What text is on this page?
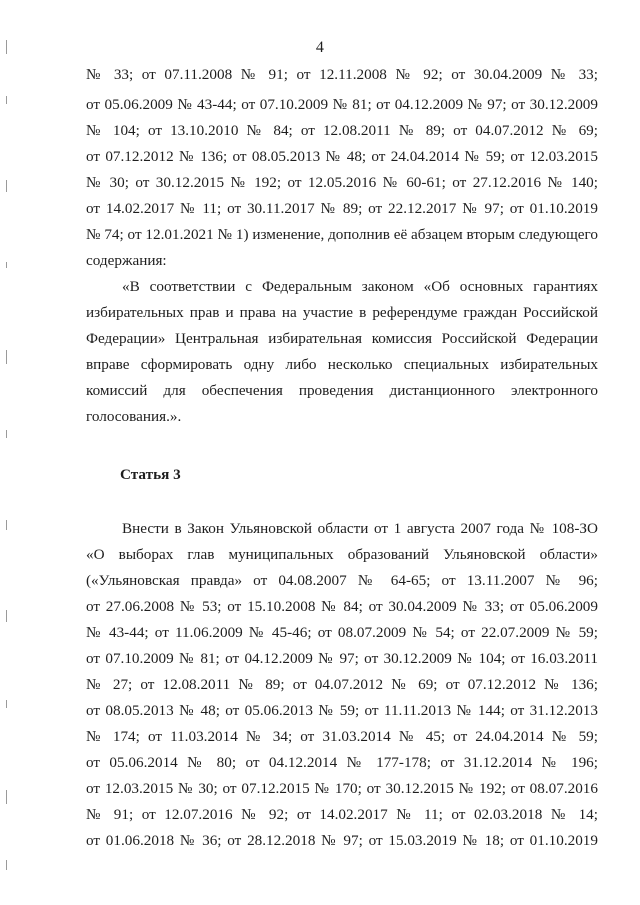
4
№ 33; от 07.11.2008 № 91; от 12.11.2008 № 92; от 30.04.2009 № 33;
от 05.06.2009 № 43-44; от 07.10.2009 № 81; от 04.12.2009 № 97; от 30.12.2009
№ 104; от 13.10.2010 № 84; от 12.08.2011 № 89; от 04.07.2012 № 69;
от 07.12.2012 № 136; от 08.05.2013 № 48; от 24.04.2014 № 59; от 12.03.2015
№ 30; от 30.12.2015 № 192; от 12.05.2016 № 60-61; от 27.12.2016 № 140;
от 14.02.2017 № 11; от 30.11.2017 № 89; от 22.12.2017 № 97; от 01.10.2019
№ 74; от 12.01.2021 № 1) изменение, дополнив её абзацем вторым следующего
содержания:
«В соответствии с Федеральным законом «Об основных гарантиях
избирательных прав и права на участие в референдуме граждан Российской
Федерации» Центральная избирательная комиссия Российской Федерации
вправе сформировать одну либо несколько специальных избирательных
комиссий для обеспечения проведения дистанционного электронного
голосования.».
Статья 3
Внести в Закон Ульяновской области от 1 августа 2007 года № 108-ЗО
«О выборах глав муниципальных образований Ульяновской области»
(«Ульяновская правда» от 04.08.2007 № 64-65; от 13.11.2007 № 96;
от 27.06.2008 № 53; от 15.10.2008 № 84; от 30.04.2009 № 33; от 05.06.2009
№ 43-44; от 11.06.2009 № 45-46; от 08.07.2009 № 54; от 22.07.2009 № 59;
от 07.10.2009 № 81; от 04.12.2009 № 97; от 30.12.2009 № 104; от 16.03.2011
№ 27; от 12.08.2011 № 89; от 04.07.2012 № 69; от 07.12.2012 № 136;
от 08.05.2013 № 48; от 05.06.2013 № 59; от 11.11.2013 № 144; от 31.12.2013
№ 174; от 11.03.2014 № 34; от 31.03.2014 № 45; от 24.04.2014 № 59;
от 05.06.2014 № 80; от 04.12.2014 № 177-178; от 31.12.2014 № 196;
от 12.03.2015 № 30; от 07.12.2015 № 170; от 30.12.2015 № 192; от 08.07.2016
№ 91; от 12.07.2016 № 92; от 14.02.2017 № 11; от 02.03.2018 № 14;
от 01.06.2018 № 36; от 28.12.2018 № 97; от 15.03.2019 № 18; от 01.10.2019
